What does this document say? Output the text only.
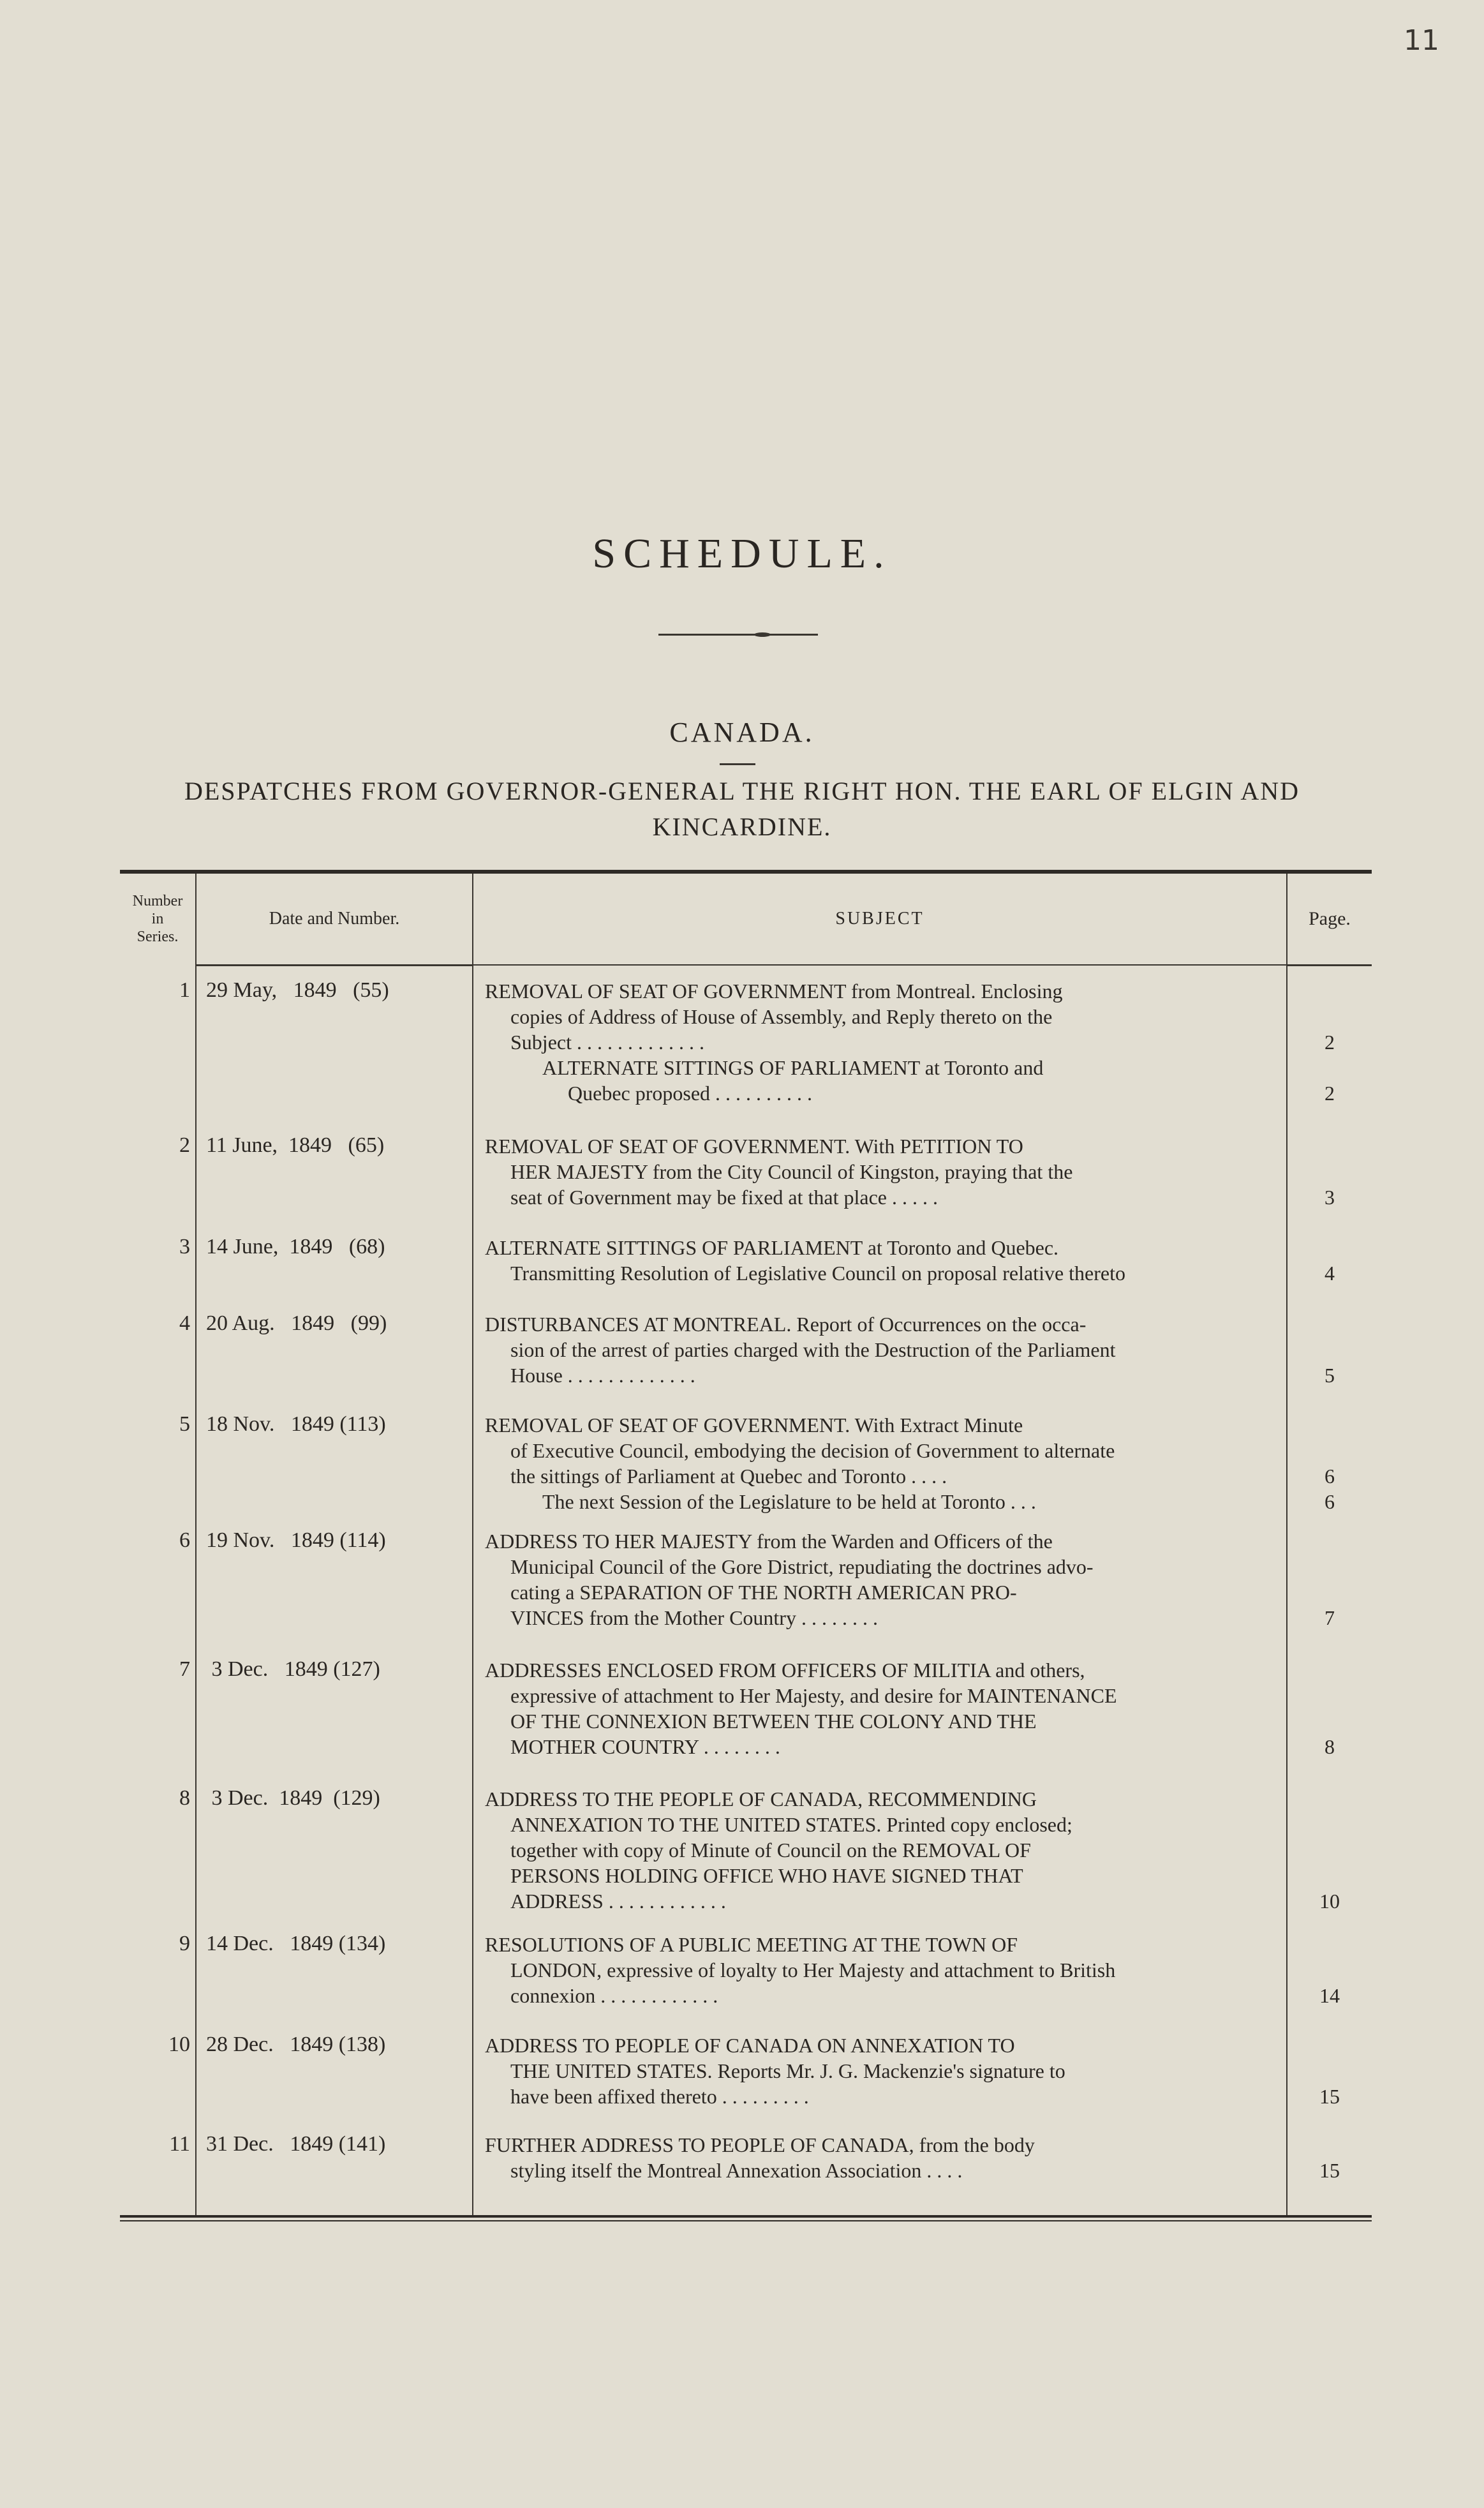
11
SCHEDULE.
CANADA.
DESPATCHES FROM GOVERNOR-GENERAL THE RIGHT HON. THE EARL OF ELGIN AND KINCARDINE.
Number
in
Series.
Date and Number.	SUBJECT	Page.
1 29 May,   1849   (55)	REMOVAL OF SEAT OF GOVERNMENT from Montreal. Enclosing
copies of Address of House of Assembly, and Reply thereto on the
Subject . . . . . . . . . . . . .	2
ALTERNATE SITTINGS OF PARLIAMENT at Toronto and
Quebec proposed . . . . . . . . . .	2
2 11 June,  1849   (65)	REMOVAL OF SEAT OF GOVERNMENT. With PETITION TO
HER MAJESTY from the City Council of Kingston, praying that the
seat of Government may be fixed at that place . . . . .	3
3 14 June,  1849   (68)	ALTERNATE SITTINGS OF PARLIAMENT at Toronto and Quebec.
Transmitting Resolution of Legislative Council on proposal relative thereto	4
4 20 Aug.   1849   (99)	DISTURBANCES AT MONTREAL. Report of Occurrences on the occa-
sion of the arrest of parties charged with the Destruction of the Parliament
House . . . . . . . . . . . . .	5
5 18 Nov.   1849 (113)	REMOVAL OF SEAT OF GOVERNMENT. With Extract Minute
of Executive Council, embodying the decision of Government to alternate
the sittings of Parliament at Quebec and Toronto . . . .	6
The next Session of the Legislature to be held at Toronto . . .	6
6 19 Nov.   1849 (114)	ADDRESS TO HER MAJESTY from the Warden and Officers of the
Municipal Council of the Gore District, repudiating the doctrines advo-
cating a SEPARATION OF THE NORTH AMERICAN PRO-
VINCES from the Mother Country . . . . . . . .	7
7 3 Dec.   1849 (127)	ADDRESSES ENCLOSED FROM OFFICERS OF MILITIA and others,
expressive of attachment to Her Majesty, and desire for MAINTENANCE
OF THE CONNEXION BETWEEN THE COLONY AND THE
MOTHER COUNTRY . . . . . . . .	8
8 3 Dec.  1849  (129)	ADDRESS TO THE PEOPLE OF CANADA, RECOMMENDING
ANNEXATION TO THE UNITED STATES. Printed copy enclosed;
together with copy of Minute of Council on the REMOVAL OF
PERSONS HOLDING OFFICE WHO HAVE SIGNED THAT
ADDRESS . . . . . . . . . . . .	10
9 14 Dec.   1849 (134)	RESOLUTIONS OF A PUBLIC MEETING AT THE TOWN OF
LONDON, expressive of loyalty to Her Majesty and attachment to British
connexion . . . . . . . . . . . .	14
10 28 Dec.   1849 (138)	ADDRESS TO PEOPLE OF CANADA ON ANNEXATION TO
THE UNITED STATES. Reports Mr. J. G. Mackenzie's signature to
have been affixed thereto . . . . . . . . .	15
11 31 Dec.   1849 (141)	FURTHER ADDRESS TO PEOPLE OF CANADA, from the body
styling itself the Montreal Annexation Association . . . .	15
